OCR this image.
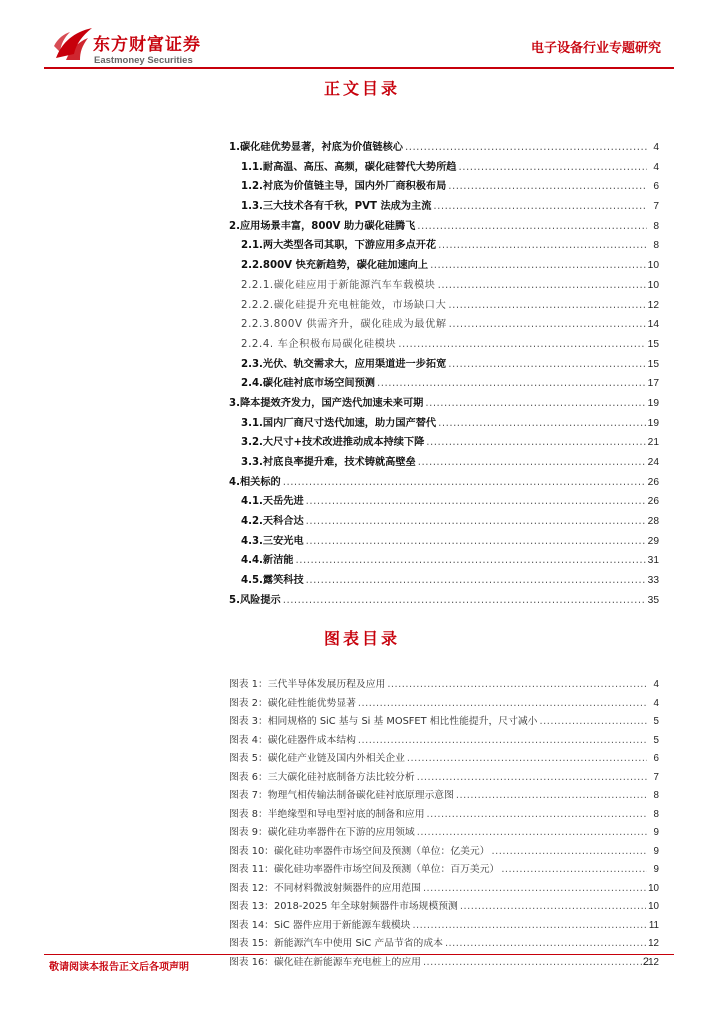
东方财富证券
Eastmoney Securities
电子设备行业专题研究
正文目录
1.碳化硅优势显著，衬底为价值链核心 .....	4
1.1.耐高温、高压、高频，碳化硅替代大势所趋 .....	4
1.2.衬底为价值链主导，国内外厂商积极布局 .....	6
1.3.三大技术各有千秋，PVT 法成为主流 .....	7
2.应用场景丰富，800V 助力碳化硅腾飞 .....	8
2.1.两大类型各司其职，下游应用多点开花 .....	8
2.2.800V 快充新趋势，碳化硅加速向上 .....	10
2.2.1.碳化硅应用于新能源汽车车载模块 .....	10
2.2.2.碳化硅提升充电桩能效，市场缺口大 .....	12
2.2.3.800V 供需齐升，碳化硅成为最优解 .....	14
2.2.4. 车企积极布局碳化硅模块 .....	15
2.3.光伏、轨交需求大，应用渠道进一步拓宽 .....	15
2.4.碳化硅衬底市场空间预测 .....	17
3.降本提效齐发力，国产迭代加速未来可期 .....	19
3.1.国内厂商尺寸迭代加速，助力国产替代 .....	19
3.2.大尺寸+技术改进推动成本持续下降 .....	21
3.3.衬底良率提升难，技术铸就高壁垒 .....	24
4.相关标的 .....	26
4.1.天岳先进 .....	26
4.2.天科合达 .....	28
4.3.三安光电 .....	29
4.4.新洁能 .....	31
4.5.露笑科技 .....	33
5.风险提示 .....	35
图表目录
图表 1：三代半导体发展历程及应用 .....	4
图表 2：碳化硅性能优势显著 .....	4
图表 3：相同规格的 SiC 基与 Si 基 MOSFET 相比性能提升，尺寸减小 .....	5
图表 4：碳化硅器件成本结构 .....	5
图表 5：碳化硅产业链及国内外相关企业 .....	6
图表 6：三大碳化硅衬底制备方法比较分析 .....	7
图表 7：物理气相传输法制备碳化硅衬底原理示意图 .....	8
图表 8：半绝缘型和导电型衬底的制备和应用 .....	8
图表 9：碳化硅功率器件在下游的应用领域 .....	9
图表 10：碳化硅功率器件市场空间及预测（单位：亿美元） .....	9
图表 11：碳化硅功率器件市场空间及预测（单位：百万美元） .....	9
图表 12：不同材料微波射频器件的应用范围 .....	10
图表 13：2018-2025 年全球射频器件市场规模预测 .....	10
图表 14：SiC 器件应用于新能源车载模块 .....	11
图表 15：新能源汽车中使用 SiC 产品节省的成本 .....	12
图表 16：碳化硅在新能源车充电桩上的应用 .....	12
敬请阅读本报告正文后各项声明	2
